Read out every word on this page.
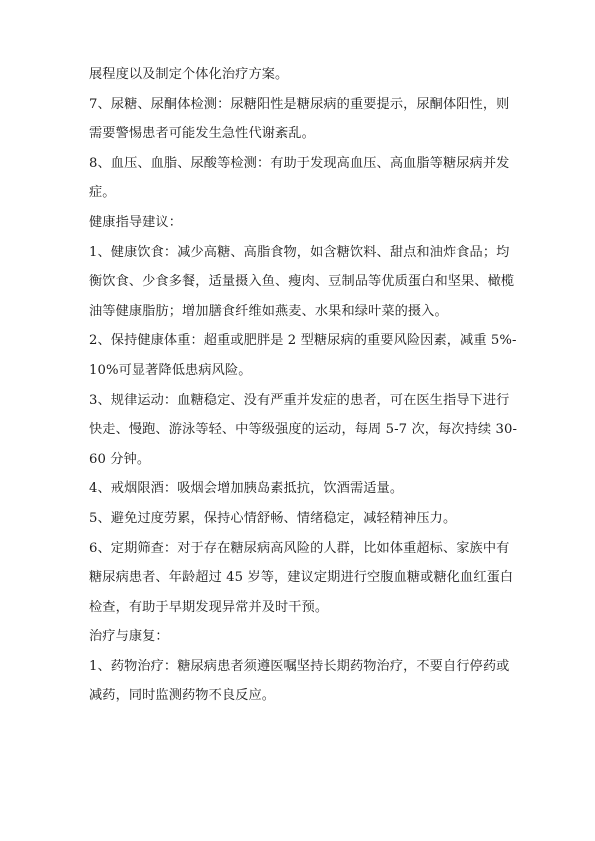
展程度以及制定个体化治疗方案。

7、尿糖、尿酮体检测：尿糖阳性是糖尿病的重要提示，尿酮体阳性，则需要警惕患者可能发生急性代谢紊乱。

8、血压、血脂、尿酸等检测：有助于发现高血压、高血脂等糖尿病并发症。

健康指导建议：

1、健康饮食：减少高糖、高脂食物，如含糖饮料、甜点和油炸食品；均衡饮食、少食多餐，适量摄入鱼、瘦肉、豆制品等优质蛋白和坚果、橄榄油等健康脂肪；增加膳食纤维如燕麦、水果和绿叶菜的摄入。

2、保持健康体重：超重或肥胖是 2 型糖尿病的重要风险因素，减重 5%-10%可显著降低患病风险。

3、规律运动：血糖稳定、没有严重并发症的患者，可在医生指导下进行快走、慢跑、游泳等轻、中等级强度的运动，每周 5-7 次，每次持续 30-60 分钟。

4、戒烟限酒：吸烟会增加胰岛素抵抗，饮酒需适量。

5、避免过度劳累，保持心情舒畅、情绪稳定，减轻精神压力。

6、定期筛查：对于存在糖尿病高风险的人群，比如体重超标、家族中有糖尿病患者、年龄超过 45 岁等，建议定期进行空腹血糖或糖化血红蛋白检查，有助于早期发现异常并及时干预。

治疗与康复：

1、药物治疗：糖尿病患者须遵医嘱坚持长期药物治疗，不要自行停药或减药，同时监测药物不良反应。
